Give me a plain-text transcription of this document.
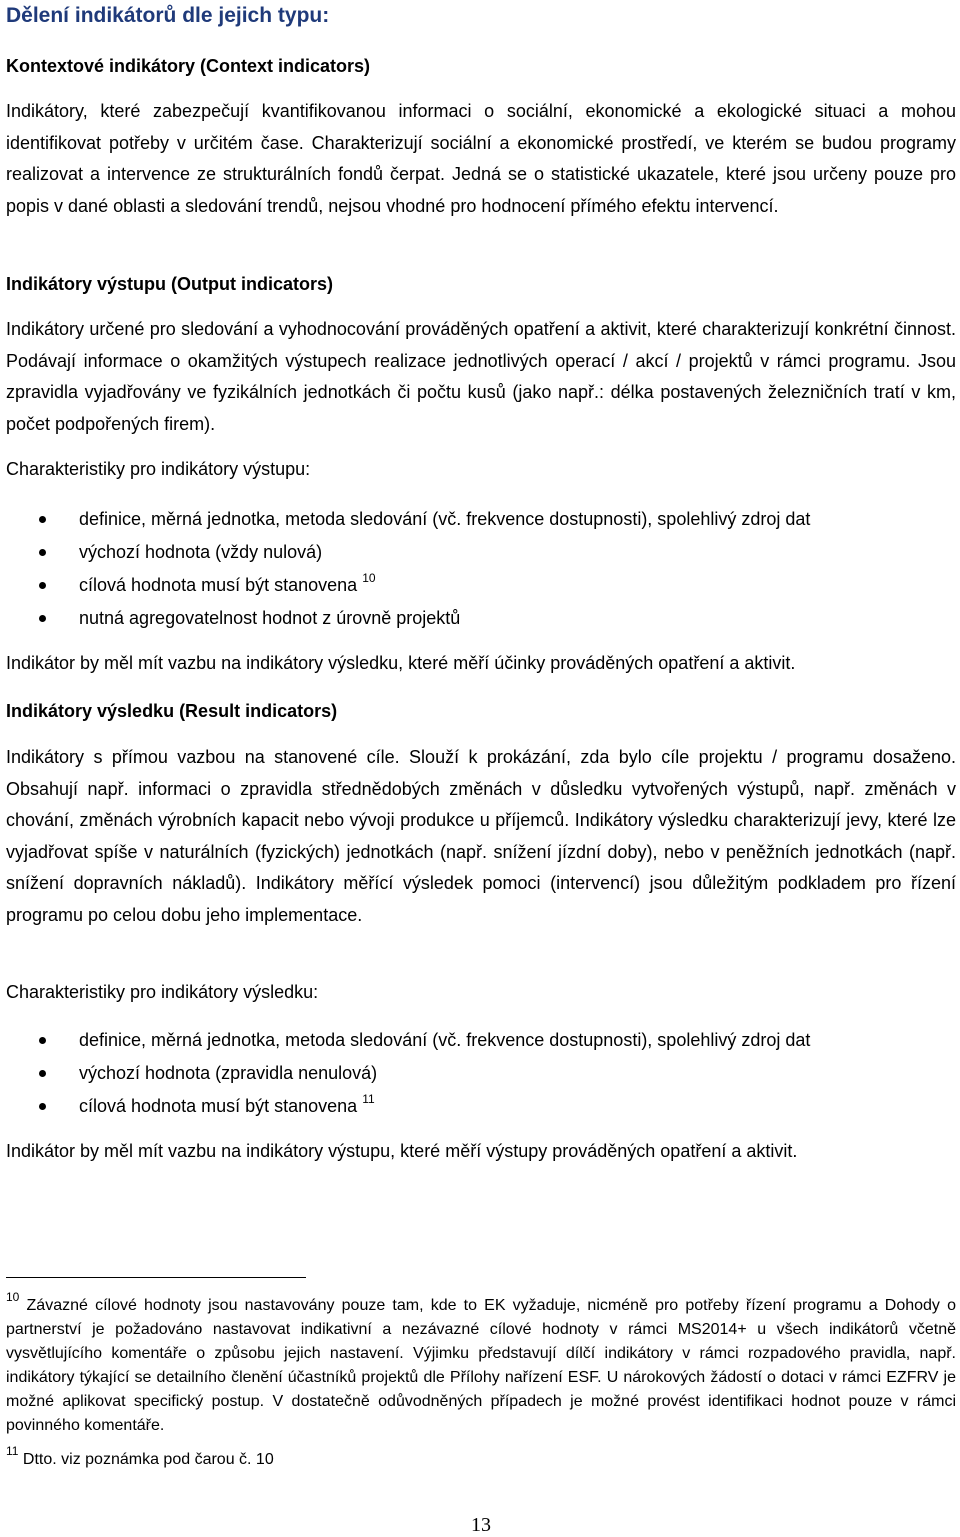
Dělení indikátorů dle jejich typu:
Kontextové indikátory (Context indicators)

Indikátory, které zabezpečují kvantifikovanou informaci o sociální, ekonomické a ekologické situaci a mohou identifikovat potřeby v určitém čase. Charakterizují sociální a ekonomické prostředí, ve kterém se budou programy realizovat a intervence ze strukturálních fondů čerpat. Jedná se o statistické ukazatele, které jsou určeny pouze pro popis v dané oblasti a sledování trendů, nejsou vhodné pro hodnocení přímého efektu intervencí.

Indikátory výstupu (Output indicators)

Indikátory určené pro sledování a vyhodnocování prováděných opatření a aktivit, které charakterizují konkrétní činnost. Podávají informace o okamžitých výstupech realizace jednotlivých operací / akcí / projektů v rámci programu. Jsou zpravidla vyjadřovány ve fyzikálních jednotkách či počtu kusů (jako např.: délka postavených železničních tratí v km, počet podpořených firem).

Charakteristiky pro indikátory výstupu:

definice, měrná jednotka, metoda sledování (vč. frekvence dostupnosti), spolehlivý zdroj dat
výchozí hodnota (vždy nulová)
cílová hodnota musí být stanovena $^{10}$
nutná agregovatelnost hodnot z úrovně projektů

Indikátor by měl mít vazbu na indikátory výsledku, které měří účinky prováděných opatření a aktivit.

Indikátory výsledku (Result indicators)

Indikátory s přímou vazbou na stanovené cíle. Slouží k prokázání, zda bylo cíle projektu / programu dosaženo. Obsahují např. informaci o zpravidla střednědobých změnách v důsledku vytvořených výstupů, např. změnách v chování, změnách výrobních kapacit nebo vývoji produkce u příjemců. Indikátory výsledku charakterizují jevy, které lze vyjadřovat spíše v naturálních (fyzických) jednotkách (např. snížení jízdní doby), nebo v peněžních jednotkách (např. snížení dopravních nákladů). Indikátory měřící výsledek pomoci (intervencí) jsou důležitým podkladem pro řízení programu po celou dobu jeho implementace.

Charakteristiky pro indikátory výsledku:

definice, měrná jednotka, metoda sledování (vč. frekvence dostupnosti), spolehlivý zdroj dat
výchozí hodnota (zpravidla nenulová)
cílová hodnota musí být stanovena $^{11}$

Indikátor by měl mít vazbu na indikátory výstupu, které měří výstupy prováděných opatření a aktivit.

$^{10}$ Závazné cílové hodnoty jsou nastavovány pouze tam, kde to EK vyžaduje, nicméně pro potřeby řízení programu a Dohody o partnerství je požadováno nastavovat indikativní a nezávazné cílové hodnoty v rámci MS2014+ u všech indikátorů včetně vysvětlujícího komentáře o způsobu jejich nastavení. Výjimku představují dílčí indikátory v rámci rozpadového pravidla, např. indikátory týkající se detailního členění účastníků projektů dle Přílohy nařízení ESF. U nárokových žádostí o dotaci v rámci EZFRV je možné aplikovat specifický postup. V dostatečně odůvodněných případech je možné provést identifikaci hodnot pouze v rámci povinného komentáře.

$^{11}$ Dtto. viz poznámka pod čarou č. 10

13
